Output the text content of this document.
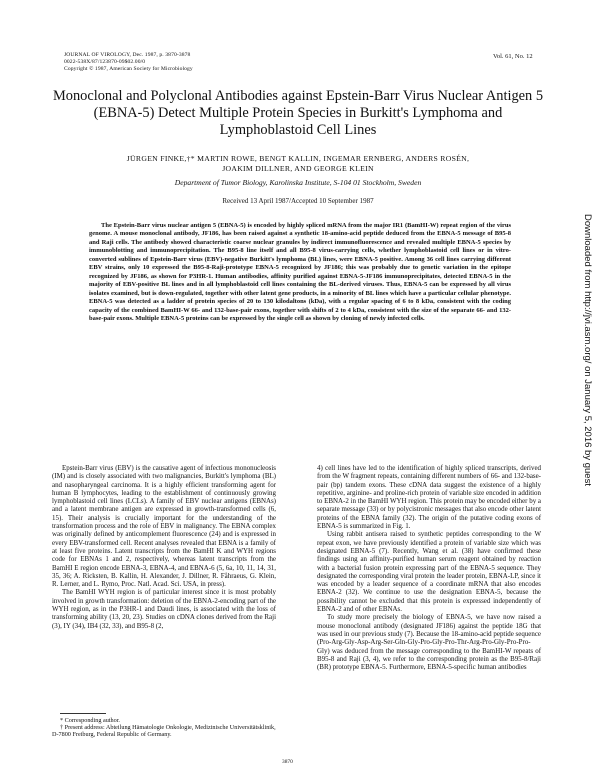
JOURNAL OF VIROLOGY, Dec. 1987, p. 3870-3878
0022-538X/87/123870-09$02.00/0
Copyright © 1987, American Society for Microbiology
Vol. 61, No. 12
Monoclonal and Polyclonal Antibodies against Epstein-Barr Virus Nuclear Antigen 5 (EBNA-5) Detect Multiple Protein Species in Burkitt's Lymphoma and Lymphoblastoid Cell Lines
JÜRGEN FINKE,†* MARTIN ROWE, BENGT KALLIN, INGEMAR ERNBERG, ANDERS ROSÉN,
JOAKIM DILLNER, AND GEORGE KLEIN
Department of Tumor Biology, Karolinska Institute, S-104 01 Stockholm, Sweden
Received 13 April 1987/Accepted 10 September 1987
The Epstein-Barr virus nuclear antigen 5 (EBNA-5) is encoded by highly spliced mRNA from the major IR1 (BamHI-W) repeat region of the virus genome. A mouse monoclonal antibody, JF186, has been raised against a synthetic 18-amino-acid peptide deduced from the EBNA-5 message of B95-8 and Raji cells. The antibody showed characteristic coarse nuclear granules by indirect immunofluorescence and revealed multiple EBNA-5 species by immunoblotting and immunoprecipitation. The B95-8 line itself and all B95-8 virus-carrying cells, whether lymphoblastoid cell lines or in vitro-converted sublines of Epstein-Barr virus (EBV)-negative Burkitt's lymphoma (BL) lines, were EBNA-5 positive. Among 36 cell lines carrying different EBV strains, only 10 expressed the B95-8-Raji-prototype EBNA-5 recognized by JF186; this was probably due to genetic variation in the epitope recognized by JF186, as shown for P3HR-1. Human antibodies, affinity purified against EBNA-5-JF186 immunoprecipitates, detected EBNA-5 in the majority of EBV-positive BL lines and in all lymphoblastoid cell lines containing the BL-derived viruses. Thus, EBNA-5 can be expressed by all virus isolates examined, but is down-regulated, together with other latent gene products, in a minority of BL lines which have a particular cellular phenotype. EBNA-5 was detected as a ladder of protein species of 20 to 130 kilodaltons (kDa), with a regular spacing of 6 to 8 kDa, consistent with the coding capacity of the combined BamHI-W 66- and 132-base-pair exons, together with shifts of 2 to 4 kDa, consistent with the size of the separate 66- and 132-base-pair exons. Multiple EBNA-5 proteins can be expressed by the single cell as shown by cloning of newly infected cells.

Epstein-Barr virus (EBV) is the causative agent of infectious mononucleosis (IM) and is closely associated with two malignancies, Burkitt's lymphoma (BL) and nasopharyngeal carcinoma. It is a highly efficient transforming agent for human B lymphocytes, leading to the establishment of continuously growing lymphoblastoid cell lines (LCLs). A family of EBV nuclear antigens (EBNAs) and a latent membrane antigen are expressed in growth-transformed cells (6, 15). Their analysis is crucially important for the understanding of the transformation process and the role of EBV in malignancy. The EBNA complex was originally defined by anticomplement fluorescence (24) and is expressed in every EBV-transformed cell. Recent analyses revealed that EBNA is a family of at least five proteins. Latent transcripts from the BamHI K and WYH regions code for EBNAs 1 and 2, respectively, whereas latent transcripts from the BamHI E region encode EBNA-3, EBNA-4, and EBNA-6 (5, 6a, 10, 11, 14, 31, 35, 36; A. Ricksten, B. Kallin, H. Alexander, J. Dillner, R. Fåhraeus, G. Klein, R. Lerner, and L. Rymo, Proc. Natl. Acad. Sci. USA, in press).

The BamHI WYH region is of particular interest since it is most probably involved in growth transformation: deletion of the EBNA-2-encoding part of the WYH region, as in the P3HR-1 and Daudi lines, is associated with the loss of transforming ability (13, 20, 23). Studies on cDNA clones derived from the Raji (3), IY (34), IB4 (32, 33), and B95-8 (2,

4) cell lines have led to the identification of highly spliced transcripts, derived from the W fragment repeats, containing different numbers of 66- and 132-base-pair (bp) tandem exons. These cDNA data suggest the existence of a highly repetitive, arginine- and proline-rich protein of variable size encoded in addition to EBNA-2 in the BamHI WYH region. This protein may be encoded either by a separate message (33) or by polycistronic messages that also encode other latent proteins of the EBNA family (32). The origin of the putative coding exons of EBNA-5 is summarized in Fig. 1.

Using rabbit antisera raised to synthetic peptides corresponding to the W repeat exon, we have previously identified a protein of variable size which was designated EBNA-5 (7). Recently, Wang et al. (38) have confirmed these findings using an affinity-purified human serum reagent obtained by reaction with a bacterial fusion protein expressing part of the EBNA-5 sequence. They designated the corresponding viral protein the leader protein, EBNA-LP, since it was encoded by a leader sequence of a coordinate mRNA that also encodes EBNA-2 (32). We continue to use the designation EBNA-5, because the possibility cannot be excluded that this protein is expressed independently of EBNA-2 and of other EBNAs.

To study more precisely the biology of EBNA-5, we have now raised a mouse monoclonal antibody (designated JF186) against the peptide 18G that was used in our previous study (7). Because the 18-amino-acid peptide sequence (Pro-Arg-Gly-Asp-Arg-Ser-Gln-Gly-Pro-Gly-Pro-Thr-Arg-Pro-Gly-Pro-Pro-Gly) was deduced from the message corresponding to the BamHI-W repeats of B95-8 and Raji (3, 4), we refer to the corresponding protein as the B95-8/Raji (BR) prototype EBNA-5. Furthermore, EBNA-5-specific human antibodies

* Corresponding author.
† Present address: Abteilung Hämatologie Onkologie, Medizinische Universitätsklinik, D-7800 Freiburg, Federal Republic of Germany.
3870
Downloaded from http://jvi.asm.org/ on January 5, 2016 by guest
